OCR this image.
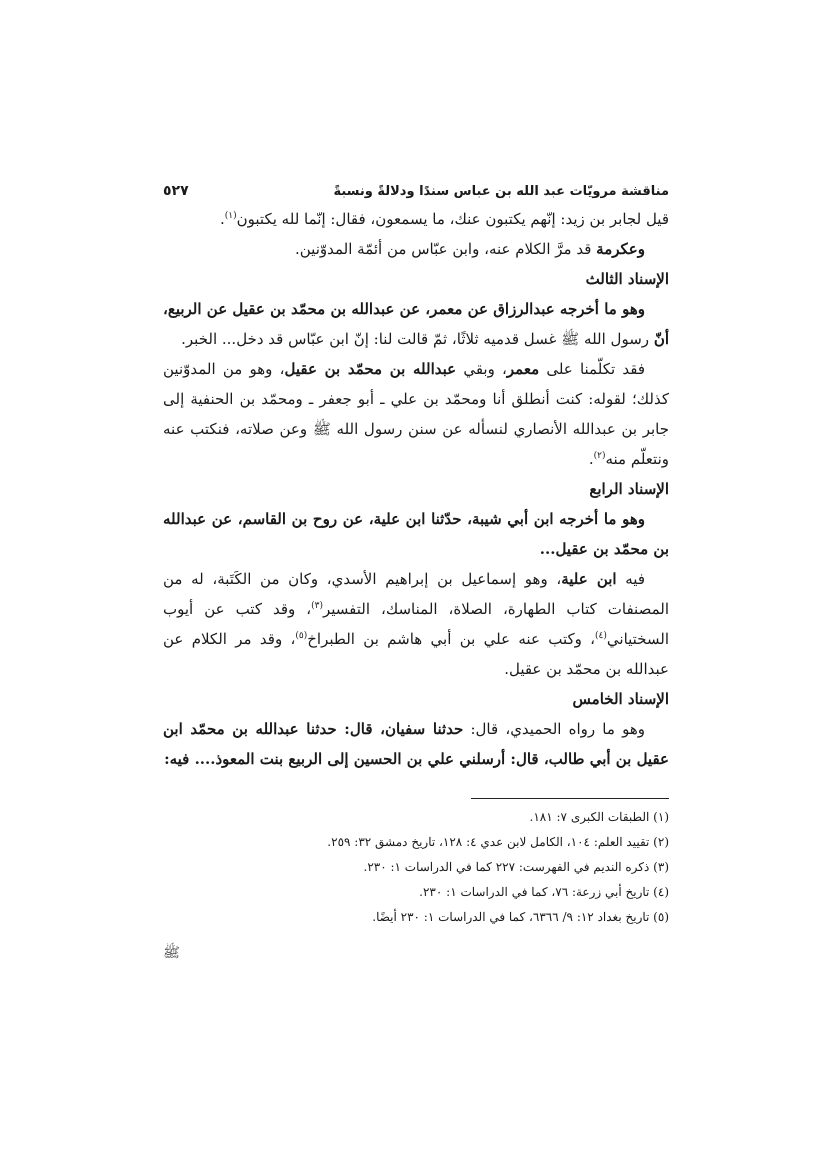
مناقشة مرويّات عبد الله بن عباس سندًا ودلالةً ونسبةً
٥٢٧

قيل لجابر بن زيد: إنّهم يكتبون عنك، ما يسمعون، فقال: إنّما لله يكتبون$^{(١)}$.

وعكرمة قد مرَّ الكلام عنه، وابن عبّاس من أئمّة المدوّنين.

الإسناد الثالث

وهو ما أخرجه عبدالرزاق عن معمر، عن عبدالله بن محمّد بن عقيل عن الربيع، أنّ رسول الله ﷺ غسل قدميه ثلاثًا، ثمّ قالت لنا: إنّ ابن عبّاس قد دخل... الخبر.

فقد تكلّمنا على معمر، وبقي عبدالله بن محمّد بن عقيل، وهو من المدوّنين كذلك؛ لقوله: كنت أنطلق أنا ومحمّد بن علي ـ أبو جعفر ـ ومحمّد بن الحنفية إلى جابر بن عبدالله الأنصاري لنسأله عن سنن رسول الله ﷺ وعن صلاته، فنكتب عنه ونتعلّم منه$^{(٢)}$.

الإسناد الرابع

وهو ما أخرجه ابن أبي شيبة، حدّثنا ابن علية، عن روح بن القاسم، عن عبدالله بن محمّد بن عقيل...

فيه ابن علية، وهو إسماعيل بن إبراهيم الأسدي، وكان من الكَتَبة، له من المصنفات كتاب الطهارة، الصلاة، المناسك، التفسير$^{(٣)}$، وقد كتب عن أيوب السختياني$^{(٤)}$، وكتب عنه علي بن أبي هاشم بن الطبراخ$^{(٥)}$، وقد مر الكلام عن عبدالله بن محمّد بن عقيل.

الإسناد الخامس

وهو ما رواه الحميدي، قال: حدثنا سفيان، قال: حدثنا عبدالله بن محمّد ابن عقيل بن أبي طالب، قال: أرسلني علي بن الحسين إلى الربيع بنت المعوذ.... فيه:

(١) الطبقات الكبرى ٧: ١٨١.

(٢) تقييد العلم: ١٠٤، الكامل لابن عدي ٤: ١٢٨، تاريخ دمشق ٣٢: ٢٥٩.

(٣) ذكره النديم في الفهرست: ٢٢٧ كما في الدراسات ١: ٢٣٠.

(٤) تاريخ أبي زرعة: ٧٦، كما في الدراسات ١: ٢٣٠.

(٥) تاريخ بغداد ١٢: ٩/ ٦٣٦٦، كما في الدراسات ١: ٢٣٠ أيضًا.

ﷺ
